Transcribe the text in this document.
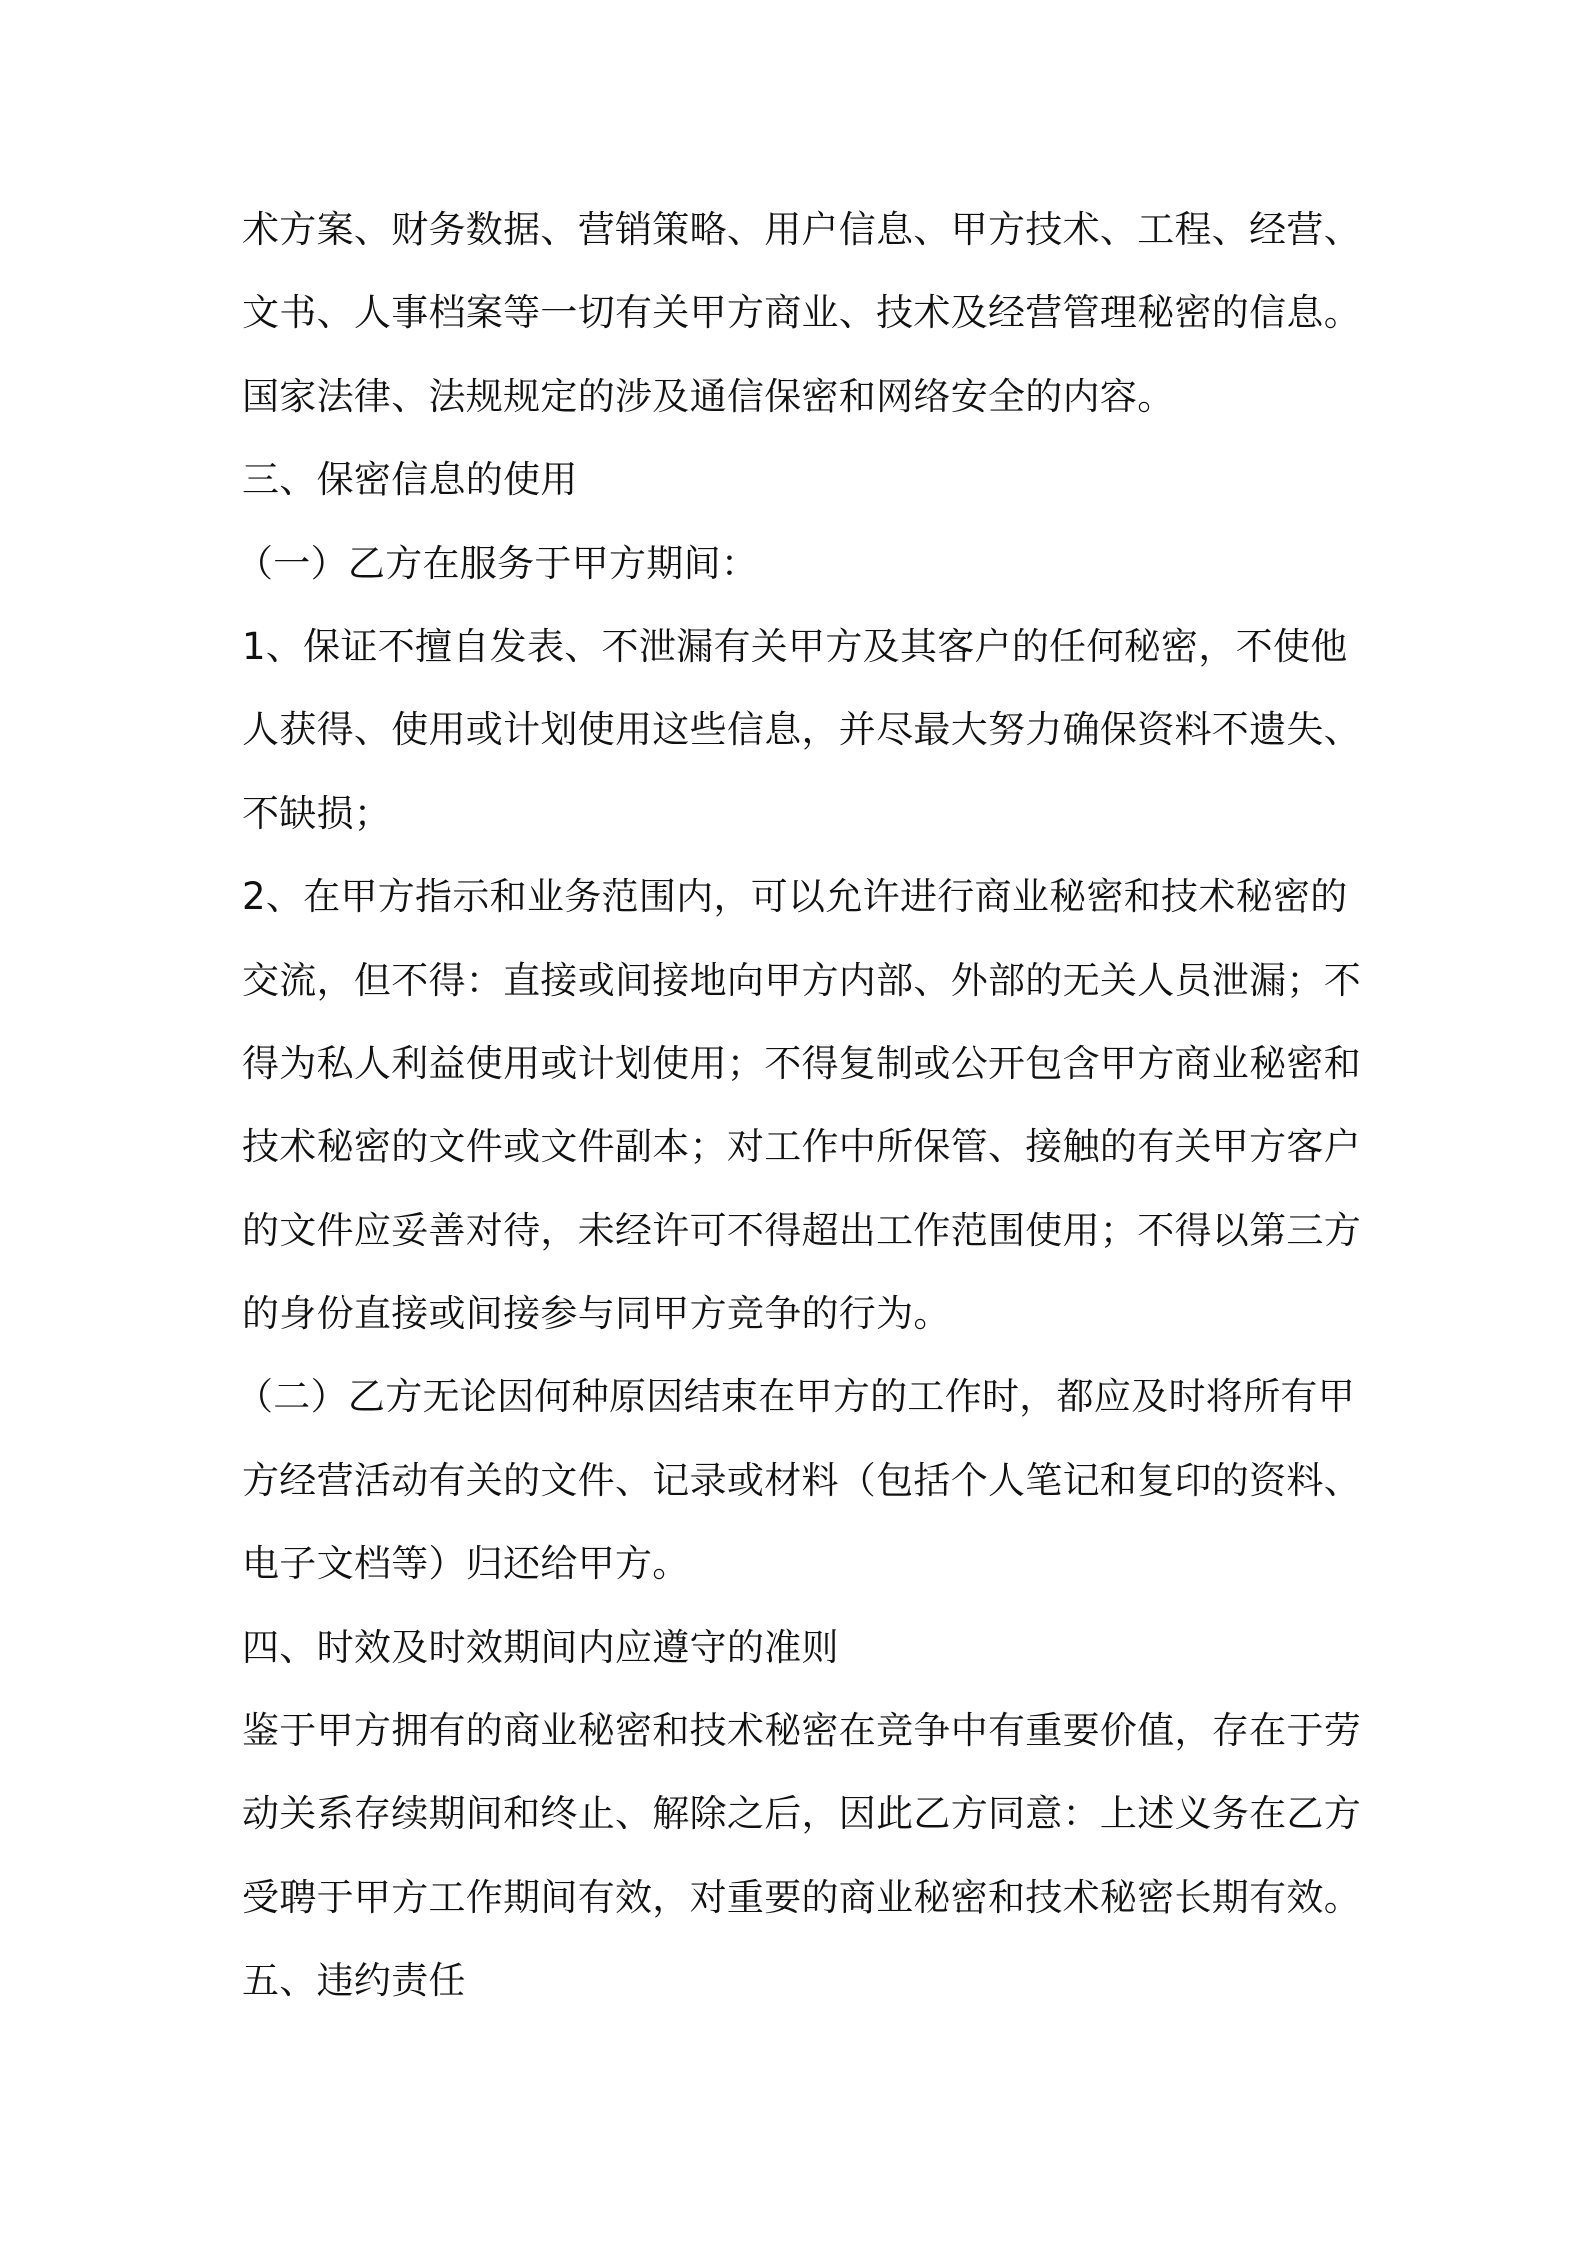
术方案、财务数据、营销策略、用户信息、甲方技术、工程、经营、
文书、人事档案等一切有关甲方商业、技术及经营管理秘密的信息。
国家法律、法规规定的涉及通信保密和网络安全的内容。
三、保密信息的使用
（一）乙方在服务于甲方期间：
1、保证不擅自发表、不泄漏有关甲方及其客户的任何秘密，不使他
人获得、使用或计划使用这些信息，并尽最大努力确保资料不遗失、
不缺损；
2、在甲方指示和业务范围内，可以允许进行商业秘密和技术秘密的
交流，但不得：直接或间接地向甲方内部、外部的无关人员泄漏；不
得为私人利益使用或计划使用；不得复制或公开包含甲方商业秘密和
技术秘密的文件或文件副本；对工作中所保管、接触的有关甲方客户
的文件应妥善对待，未经许可不得超出工作范围使用；不得以第三方
的身份直接或间接参与同甲方竞争的行为。
（二）乙方无论因何种原因结束在甲方的工作时，都应及时将所有甲
方经营活动有关的文件、记录或材料（包括个人笔记和复印的资料、
电子文档等）归还给甲方。
四、时效及时效期间内应遵守的准则
鉴于甲方拥有的商业秘密和技术秘密在竞争中有重要价值，存在于劳
动关系存续期间和终止、解除之后，因此乙方同意：上述义务在乙方
受聘于甲方工作期间有效，对重要的商业秘密和技术秘密长期有效。
五、违约责任
